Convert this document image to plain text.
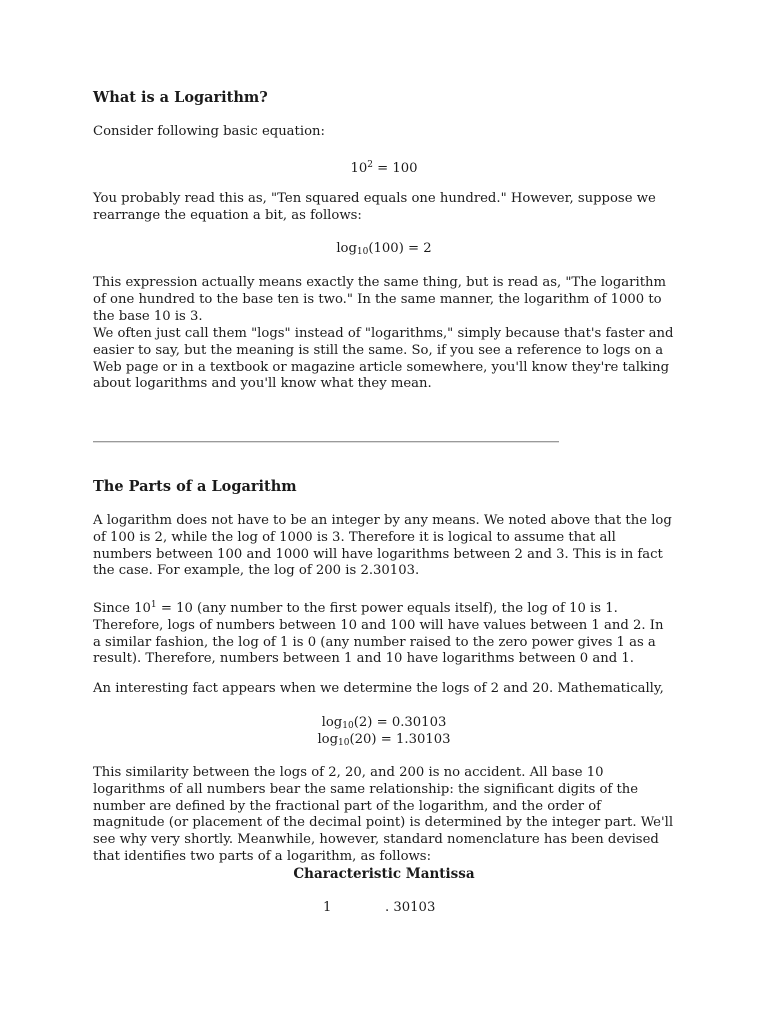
What is a Logarithm?

Consider following basic equation:

$10^2 = 100$

You probably read this as, "Ten squared equals one hundred." However, suppose we rearrange the equation a bit, as follows:

$\log_{10}(100) = 2$

This expression actually means exactly the same thing, but is read as, "The logarithm of one hundred to the base ten is two." In the same manner, the logarithm of 1000 to the base 10 is 3.

We often just call them "logs" instead of "logarithms," simply because that's faster and easier to say, but the meaning is still the same. So, if you see a reference to logs on a Web page or in a textbook or magazine article somewhere, you'll know they're talking about logarithms and you'll know what they mean.

The Parts of a Logarithm

A logarithm does not have to be an integer by any means. We noted above that the log of 100 is 2, while the log of 1000 is 3. Therefore it is logical to assume that all numbers between 100 and 1000 will have logarithms between 2 and 3. This is in fact the case. For example, the log of 200 is 2.30103.

Since $10^1 = 10$ (any number to the first power equals itself), the log of 10 is 1. Therefore, logs of numbers between 10 and 100 will have values between 1 and 2. In a similar fashion, the log of 1 is 0 (any number raised to the zero power gives 1 as a result). Therefore, numbers between 1 and 10 have logarithms between 0 and 1.

An interesting fact appears when we determine the logs of 2 and 20. Mathematically,

$\log_{10}(2) = 0.30103$
$\log_{10}(20) = 1.30103$

This similarity between the logs of 2, 20, and 200 is no accident. All base 10 logarithms of all numbers bear the same relationship: the significant digits of the number are defined by the fractional part of the logarithm, and the order of magnitude (or placement of the decimal point) is determined by the integer part. We'll see why very shortly. Meanwhile, however, standard nomenclature has been devised that identifies two parts of a logarithm, as follows:

Characteristic Mantissa
1	. 30103
